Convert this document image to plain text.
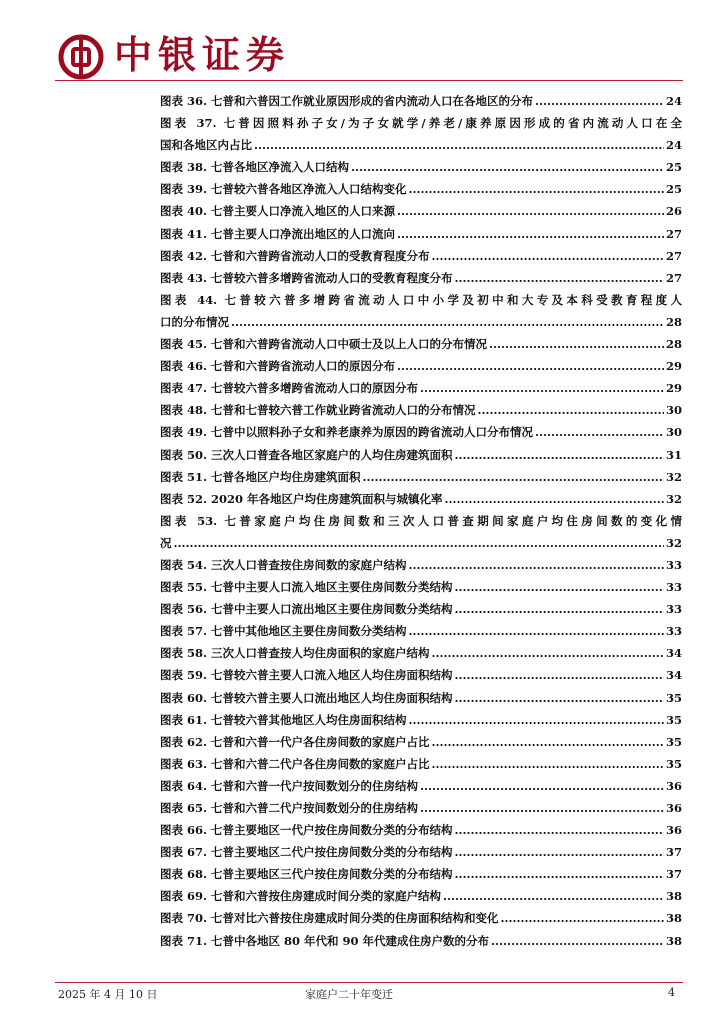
中银证券
图表 36. 七普和六普因工作就业原因形成的省内流动人口在各地区的分布 .....	24
图表 37. 七普因照料孙子女/为子女就学/养老/康养原因形成的省内流动人口在全
国和各地区内占比 .....	24
图表 38. 七普各地区净流入人口结构 .....	25
图表 39. 七普较六普各地区净流入人口结构变化 .....	25
图表 40. 七普主要人口净流入地区的人口来源 .....	26
图表 41. 七普主要人口净流出地区的人口流向 .....	27
图表 42. 七普和六普跨省流动人口的受教育程度分布 .....	27
图表 43. 七普较六普多增跨省流动人口的受教育程度分布 .....	27
图表 44. 七普较六普多增跨省流动人口中小学及初中和大专及本科受教育程度人
口的分布情况 .....	28
图表 45. 七普和六普跨省流动人口中硕士及以上人口的分布情况 .....	28
图表 46. 七普和六普跨省流动人口的原因分布 .....	29
图表 47. 七普较六普多增跨省流动人口的原因分布 .....	29
图表 48. 七普和七普较六普工作就业跨省流动人口的分布情况 .....	30
图表 49. 七普中以照料孙子女和养老康养为原因的跨省流动人口分布情况 .....	30
图表 50. 三次人口普查各地区家庭户的人均住房建筑面积 .....	31
图表 51. 七普各地区户均住房建筑面积 .....	32
图表 52. 2020 年各地区户均住房建筑面积与城镇化率 .....	32
图表 53. 七普家庭户均住房间数和三次人口普查期间家庭户均住房间数的变化情
况 .....	32
图表 54. 三次人口普查按住房间数的家庭户结构 .....	33
图表 55. 七普中主要人口流入地区主要住房间数分类结构 .....	33
图表 56. 七普中主要人口流出地区主要住房间数分类结构 .....	33
图表 57. 七普中其他地区主要住房间数分类结构 .....	33
图表 58. 三次人口普查按人均住房面积的家庭户结构 .....	34
图表 59. 七普较六普主要人口流入地区人均住房面积结构 .....	34
图表 60. 七普较六普主要人口流出地区人均住房面积结构 .....	35
图表 61. 七普较六普其他地区人均住房面积结构 .....	35
图表 62. 七普和六普一代户各住房间数的家庭户占比 .....	35
图表 63. 七普和六普二代户各住房间数的家庭户占比 .....	35
图表 64. 七普和六普一代户按间数划分的住房结构 .....	36
图表 65. 七普和六普二代户按间数划分的住房结构 .....	36
图表 66. 七普主要地区一代户按住房间数分类的分布结构 .....	36
图表 67. 七普主要地区二代户按住房间数分类的分布结构 .....	37
图表 68. 七普主要地区三代户按住房间数分类的分布结构 .....	37
图表 69. 七普和六普按住房建成时间分类的家庭户结构 .....	38
图表 70. 七普对比六普按住房建成时间分类的住房面积结构和变化 .....	38
图表 71. 七普中各地区 80 年代和 90 年代建成住房户数的分布 .....	38
2025 年 4 月 10 日	家庭户二十年变迁	4
